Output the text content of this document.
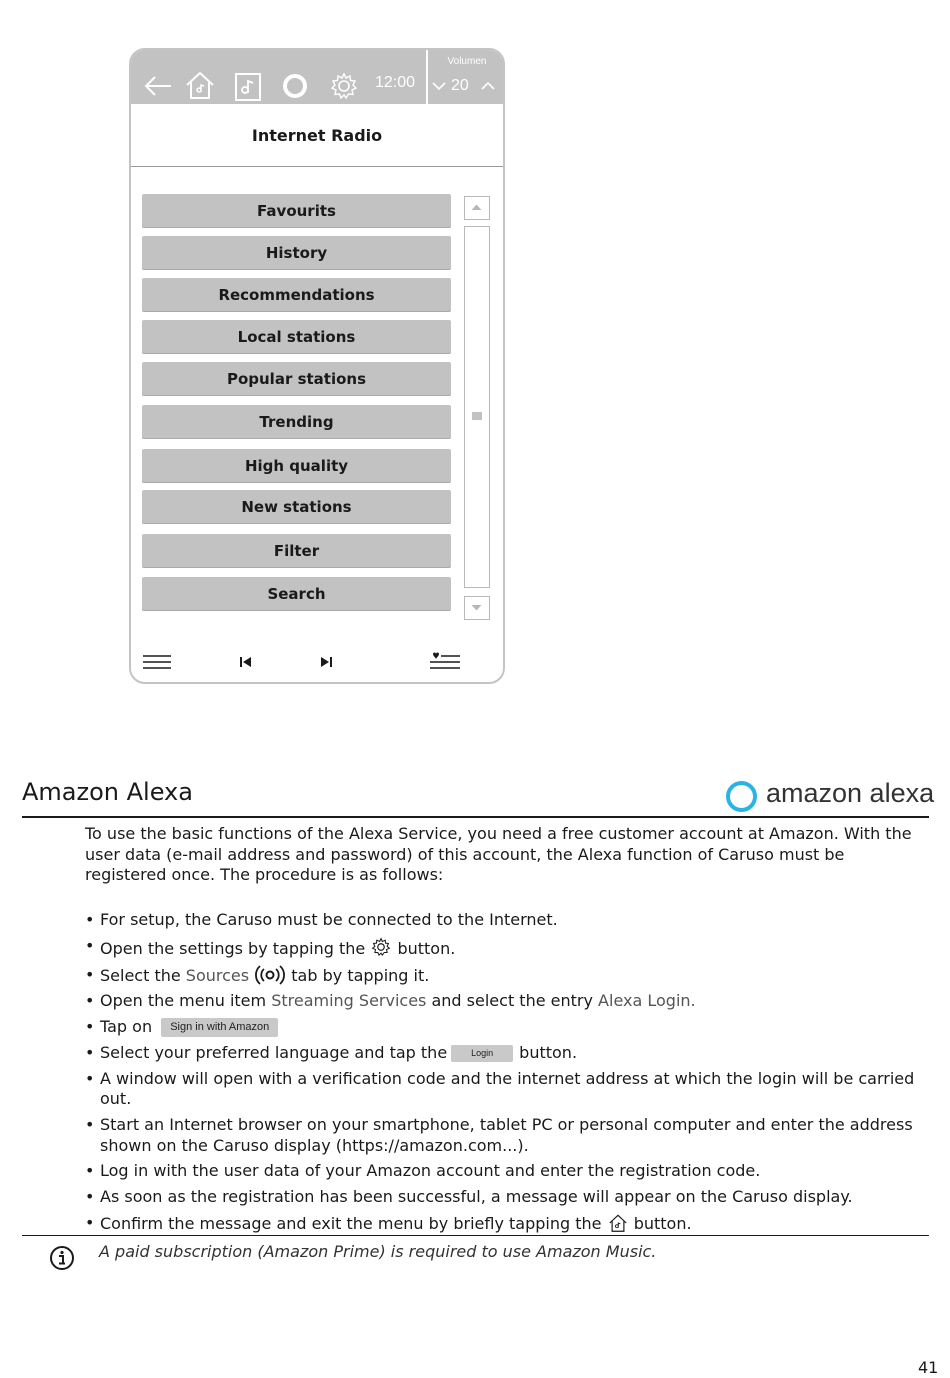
12:00
Volumen
20
Internet Radio
Favourits
History
Recommendations
Local stations
Popular stations
Trending
High quality
New stations
Filter
Search
Amazon Alexa	amazon alexa

To use the basic functions of the Alexa Service, you need a free customer account at Amazon. With the user data (e-mail address and password) of this account, the Alexa function of Caruso must be registered once. The procedure is as follows:

• For setup, the Caruso must be connected to the Internet.
• Open the settings by tapping the button.
• Select the Sources	tab by tapping it.
• Open the menu item Streaming Services and select the entry Alexa Login.
• Tap on Sign in with Amazon
• Select your preferred language and tap the	Login button.
• A window will open with a verification code and the internet address at which the login will be carried out.
• Start an Internet browser on your smartphone, tablet PC or personal computer and enter the address shown on the Caruso display (https://amazon.com...).
• Log in with the user data of your Amazon account and enter the registration code.
• As soon as the registration has been successful, a message will appear on the Caruso display.
• Confirm the message and exit the menu by briefly tapping the button.
A paid subscription (Amazon Prime) is required to use Amazon Music.
41
